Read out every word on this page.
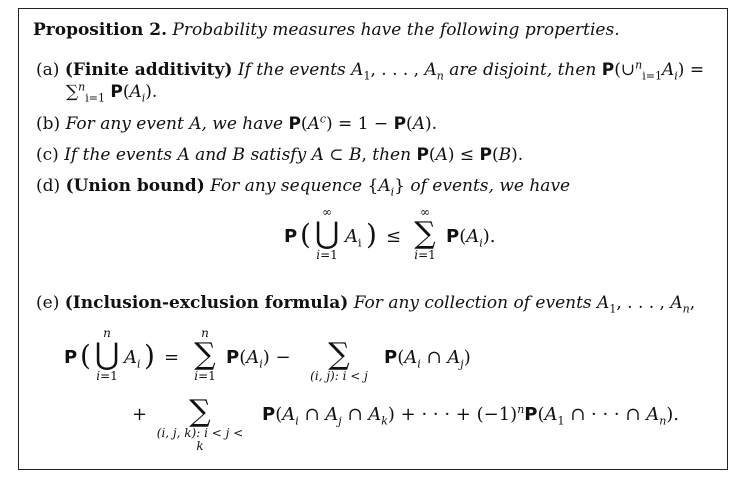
Proposition 2. Probability measures have the following properties.
(a) (Finite additivity) If the events $A_1$, . . . , $A_n$ are disjoint, then $P(\cup^n_{i=1}A_i)$ =
∑$^n_{i=1}$ $P(A_i)$.
(b) For any event A, we have $P(A^c) = 1 - P(A)$.
(c) If the events A and B satisfy A ⊂ B, then P(A) ≤ P(B).
(d) (Union bound) For any sequence $\{A_i\}$ of events, we have
P (
∞
⋃
i=1
$A_i$ ) ≤
∞
∑
i=1
$P(A_i)$.
(e) (Inclusion-exclusion formula) For any collection of events $A_1$, . . . , $A_n$,
P (
n
⋃
i=1
$A_i$ ) =
n
∑
i=1
$P(A_i)$ −	∑
(i, j): i < j
$P(A_i$ ∩ $A_j$)
+	∑
(i, j, k): i < j < k
$P(A_i$ ∩ $A_j$ ∩ $A_k$) + · · · + $(-1)^nP(A_1$ ∩ · · · ∩ $A_n$).
